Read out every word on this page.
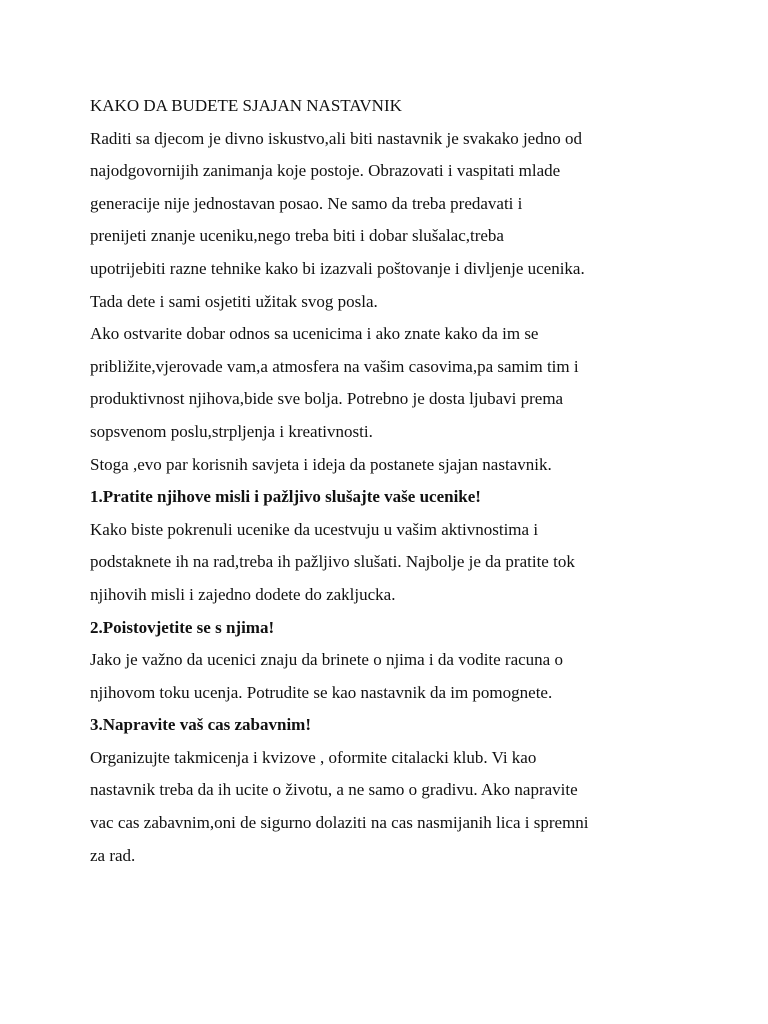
KAKO DA BUDETE SJAJAN NASTAVNIK
Raditi sa djecom je divno iskustvo,ali biti nastavnik je svakako jedno od
najodgovornijih zanimanja koje postoje. Obrazovati i vaspitati mlade
generacije nije jednostavan posao. Ne samo da treba predavati i
prenijeti znanje uceniku,nego treba biti i dobar slušalac,treba
upotrijebiti razne tehnike kako bi izazvali poštovanje i divljenje ucenika.
Tada dete i sami osjetiti užitak svog posla.
Ako ostvarite dobar odnos sa ucenicima i ako znate kako da im se
približite,vjerovade vam,a atmosfera na vašim casovima,pa samim tim i
produktivnost njihova,bide sve bolja. Potrebno je dosta ljubavi prema
sopsvenom poslu,strpljenja i kreativnosti.
Stoga ,evo par korisnih savjeta i ideja da postanete sjajan nastavnik.
1.Pratite njihove misli i pažljivo slušajte vaše ucenike!
Kako biste pokrenuli ucenike da ucestvuju u vašim aktivnostima i
podstaknete ih na rad,treba ih pažljivo slušati. Najbolje je da pratite tok
njihovih misli i zajedno dodete do zakljucka.
2.Poistovjetite se s njima!
Jako je važno da ucenici znaju da brinete o njima i da vodite racuna o
njihovom toku ucenja. Potrudite se kao nastavnik da im pomognete.
3.Napravite vaš cas zabavnim!
Organizujte takmicenja i kvizove , oformite citalacki klub. Vi kao
nastavnik treba da ih ucite o životu, a ne samo o gradivu. Ako napravite
vac cas zabavnim,oni de sigurno dolaziti na cas nasmijanih lica i spremni
za rad.
